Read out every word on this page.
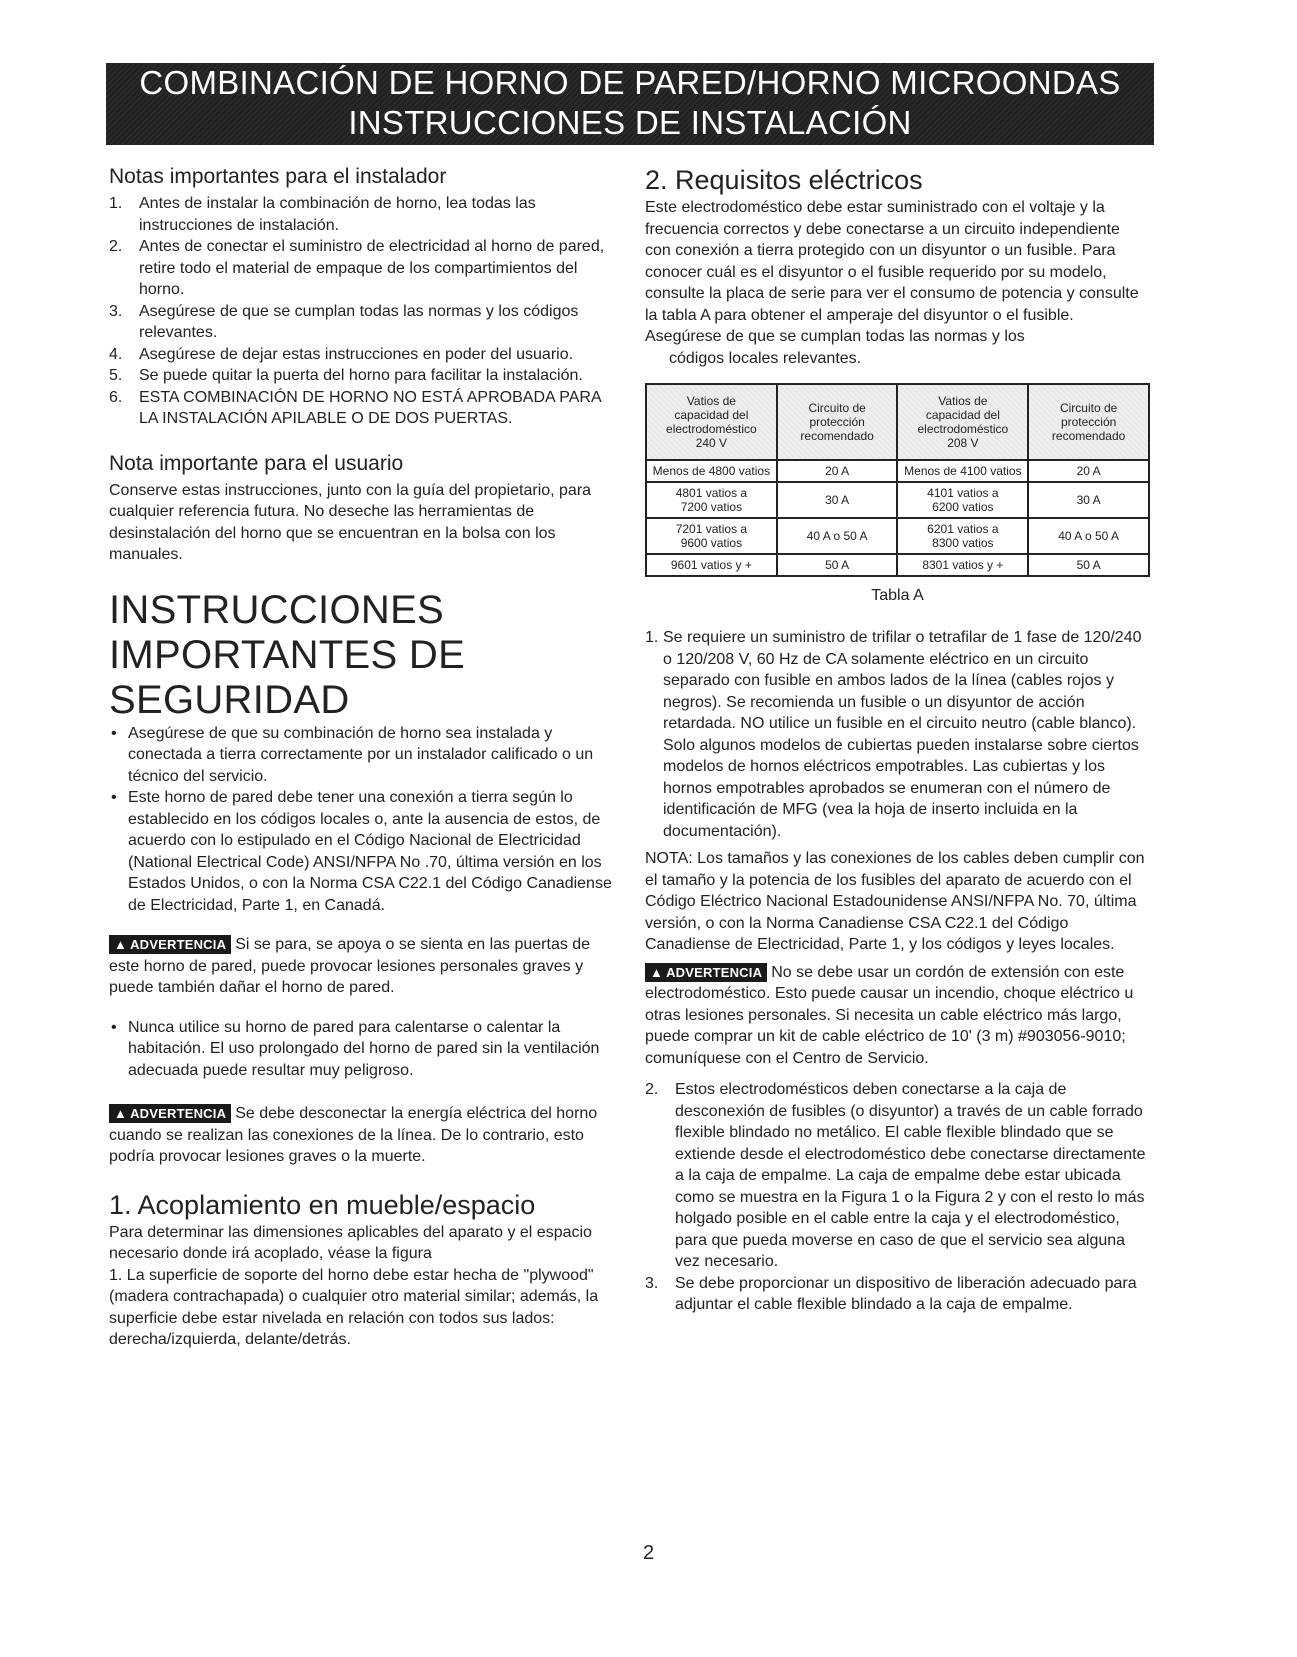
COMBINACIÓN DE HORNO DE PARED/HORNO MICROONDAS
INSTRUCCIONES DE INSTALACIÓN
Notas importantes para el instalador
1. Antes de instalar la combinación de horno, lea todas las instrucciones de instalación.
2. Antes de conectar el suministro de electricidad al horno de pared, retire todo el material de empaque de los compartimientos del horno.
3. Asegúrese de que se cumplan todas las normas y los códigos relevantes.
4. Asegúrese de dejar estas instrucciones en poder del usuario.
5. Se puede quitar la puerta del horno para facilitar la instalación.
6. ESTA COMBINACIÓN DE HORNO NO ESTÁ APROBADA PARA LA INSTALACIÓN APILABLE O DE DOS PUERTAS.
Nota importante para el usuario

Conserve estas instrucciones, junto con la guía del propietario, para cualquier referencia futura. No deseche las herramientas de desinstalación del horno que se encuentran en la bolsa con los manuales.

INSTRUCCIONES
IMPORTANTES DE SEGURIDAD
• Asegúrese de que su combinación de horno sea instalada y conectada a tierra correctamente por un instalador calificado o un técnico del servicio.
• Este horno de pared debe tener una conexión a tierra según lo establecido en los códigos locales o, ante la ausencia de estos, de acuerdo con lo estipulado en el Código Nacional de Electricidad (National Electrical Code) ANSI/NFPA No .70, última versión en los Estados Unidos, o con la Norma CSA C22.1 del Código Canadiense de Electricidad, Parte 1, en Canadá.

▲ ADVERTENCIA Si se para, se apoya o se sienta en las puertas de este horno de pared, puede provocar lesiones personales graves y puede también dañar el horno de pared.

• Nunca utilice su horno de pared para calentarse o calentar la habitación. El uso prolongado del horno de pared sin la ventilación adecuada puede resultar muy peligroso.

▲ ADVERTENCIA Se debe desconectar la energía eléctrica del horno cuando se realizan las conexiones de la línea. De lo contrario, esto podría provocar lesiones graves o la muerte.

1. Acoplamiento en mueble/espacio

Para determinar las dimensiones aplicables del aparato y el espacio necesario donde irá acoplado, véase la figura

1. La superficie de soporte del horno debe estar hecha de "plywood" (madera contrachapada) o cualquier otro material similar; además, la superficie debe estar nivelada en relación con todos sus lados: derecha/izquierda, delante/detrás.

2. Requisitos eléctricos

Este electrodoméstico debe estar suministrado con el voltaje y la frecuencia correctos y debe conectarse a un circuito independiente con conexión a tierra protegido con un disyuntor o un fusible. Para conocer cuál es el disyuntor o el fusible requerido por su modelo, consulte la placa de serie para ver el consumo de potencia y consulte la tabla A para obtener el amperaje del disyuntor o el fusible.

Asegúrese de que se cumplan todas las normas y los
códigos locales relevantes.

Vatios de
capacidad del
electrodoméstico
240 V	Circuito de
protección
recomendado	Vatios de
capacidad del
electrodoméstico
208 V	Circuito de
protección
recomendado
Menos de 4800 vatios	20 A	Menos de 4100 vatios	20 A
4801 vatios a
7200 vatios	30 A	4101 vatios a
6200 vatios	30 A
7201 vatios a
9600 vatios	40 A o 50 A	6201 vatios a
8300 vatios	40 A o 50 A
9601 vatios y +	50 A	8301 vatios y +	50 A
Tabla A
1. Se requiere un suministro de trifilar o tetrafilar de 1 fase de 120/240 o 120/208 V, 60 Hz de CA solamente eléctrico en un circuito separado con fusible en ambos lados de la línea (cables rojos y negros). Se recomienda un fusible o un disyuntor de acción retardada. NO utilice un fusible en el circuito neutro (cable blanco). Solo algunos modelos de cubiertas pueden instalarse sobre ciertos modelos de hornos eléctricos empotrables. Las cubiertas y los hornos empotrables aprobados se enumeran con el número de identificación de MFG (vea la hoja de inserto incluida en la documentación).

NOTA: Los tamaños y las conexiones de los cables deben cumplir con el tamaño y la potencia de los fusibles del aparato de acuerdo con el Código Eléctrico Nacional Estadounidense ANSI/NFPA No. 70, última versión, o con la Norma Canadiense CSA C22.1 del Código Canadiense de Electricidad, Parte 1, y los códigos y leyes locales.

▲ ADVERTENCIA No se debe usar un cordón de extensión con este electrodoméstico. Esto puede causar un incendio, choque eléctrico u otras lesiones personales. Si necesita un cable eléctrico más largo, puede comprar un kit de cable eléctrico de 10' (3 m) #903056-9010; comuníquese con el Centro de Servicio.

2. Estos electrodomésticos deben conectarse a la caja de desconexión de fusibles (o disyuntor) a través de un cable forrado flexible blindado no metálico. El cable flexible blindado que se extiende desde el electrodoméstico debe conectarse directamente a la caja de empalme. La caja de empalme debe estar ubicada como se muestra en la Figura 1 o la Figura 2 y con el resto lo más holgado posible en el cable entre la caja y el electrodoméstico, para que pueda moverse en caso de que el servicio sea alguna vez necesario.
3. Se debe proporcionar un dispositivo de liberación adecuado para adjuntar el cable flexible blindado a la caja de empalme.
2
